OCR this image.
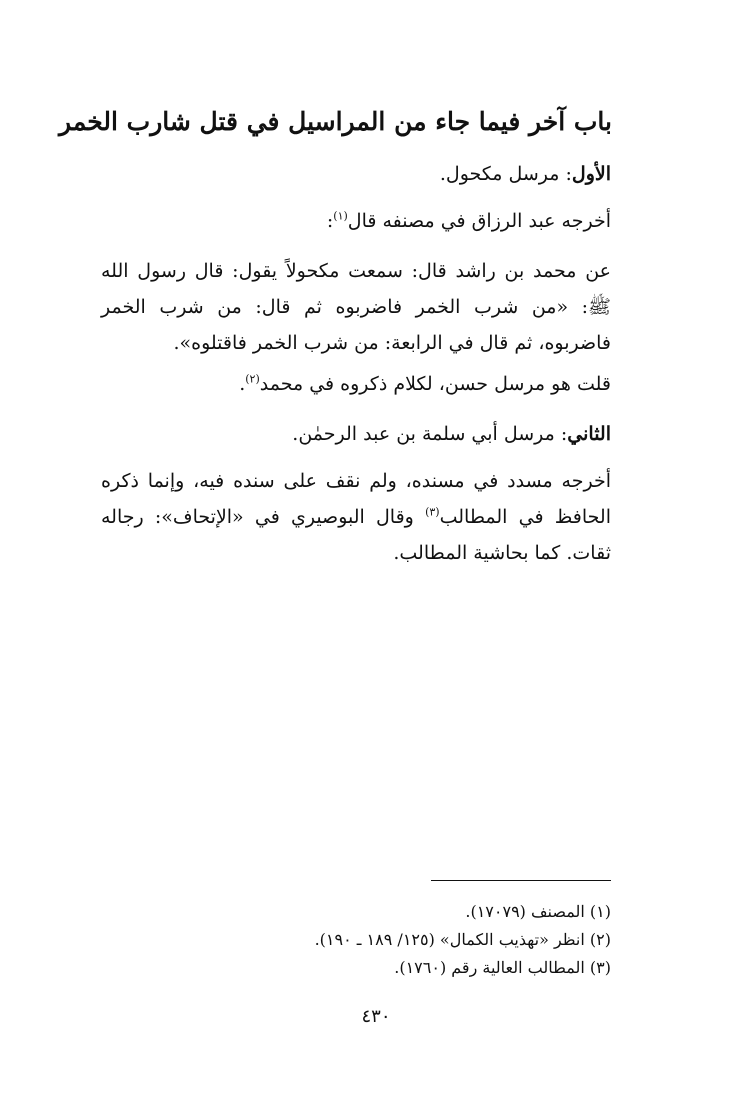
باب آخر فيما جاء من المراسيل في قتل شارب الخمر
الأول: مرسل مكحول.
أخرجه عبد الرزاق في مصنفه قال$^{(١)}$:
عن محمد بن راشد قال: سمعت مكحولاً يقول: قال رسول الله ﷺ: «من شرب الخمر فاضربوه ثم قال: من شرب الخمر فاضربوه، ثم قال في الرابعة: من شرب الخمر فاقتلوه».
قلت هو مرسل حسن، لكلام ذكروه في محمد$^{(٢)}$.
الثاني: مرسل أبي سلمة بن عبد الرحمٰن.
أخرجه مسدد في مسنده، ولم نقف على سنده فيه، وإنما ذكره الحافظ في المطالب$^{(٣)}$ وقال البوصيري في «الإتحاف»: رجاله ثقات. كما بحاشية المطالب.
(١) المصنف (١٧٠٧٩).
(٢) انظر «تهذيب الكمال» (١٢٥/ ١٨٩ ـ ١٩٠).
(٣) المطالب العالية رقم (١٧٦٠).
٤٣٠
